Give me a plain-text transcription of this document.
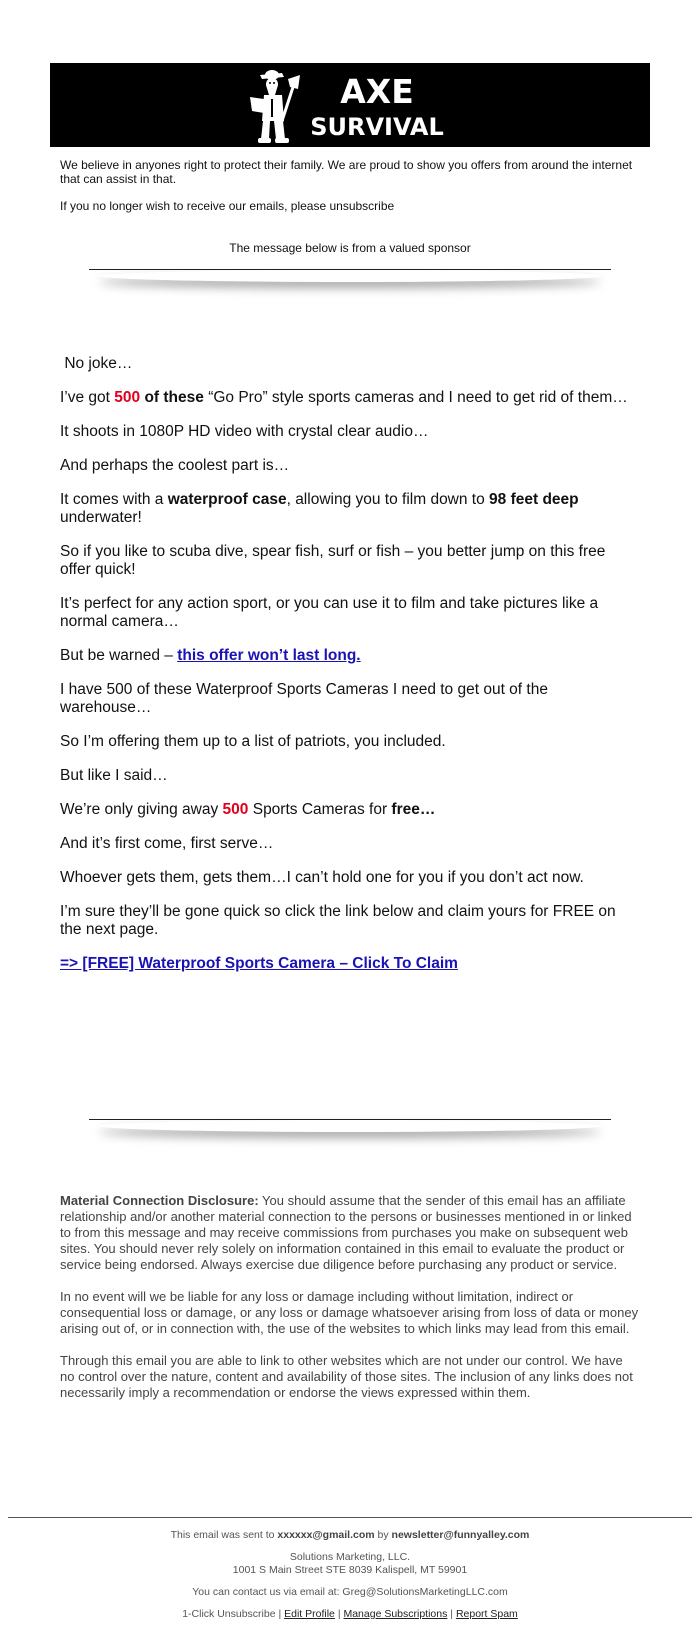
AXE
SURVIVAL

We believe in anyones right to protect their family. We are proud to show you offers from around the internet that can assist in that.

If you no longer wish to receive our emails, please unsubscribe

The message below is from a valued sponsor

No joke…

I’ve got 500 of these “Go Pro” style sports cameras and I need to get rid of them…

It shoots in 1080P HD video with crystal clear audio…

And perhaps the coolest part is…

It comes with a waterproof case, allowing you to film down to 98 feet deep underwater!

So if you like to scuba dive, spear fish, surf or fish – you better jump on this free offer quick!

It’s perfect for any action sport, or you can use it to film and take pictures like a normal camera…

But be warned – this offer won’t last long.

I have 500 of these Waterproof Sports Cameras I need to get out of the warehouse…

So I’m offering them up to a list of patriots, you included.

But like I said…

We’re only giving away 500 Sports Cameras for free…

And it’s first come, first serve…

Whoever gets them, gets them…I can’t hold one for you if you don’t act now.

I’m sure they’ll be gone quick so click the link below and claim yours for FREE on the next page.

=> [FREE] Waterproof Sports Camera – Click To Claim

Material Connection Disclosure: You should assume that the sender of this email has an affiliate relationship and/or another material connection to the persons or businesses mentioned in or linked to from this message and may receive commissions from purchases you make on subsequent web sites. You should never rely solely on information contained in this email to evaluate the product or service being endorsed. Always exercise due diligence before purchasing any product or service.

In no event will we be liable for any loss or damage including without limitation, indirect or consequential loss or damage, or any loss or damage whatsoever arising from loss of data or money arising out of, or in connection with, the use of the websites to which links may lead from this email.

Through this email you are able to link to other websites which are not under our control. We have no control over the nature, content and availability of those sites. The inclusion of any links does not necessarily imply a recommendation or endorse the views expressed within them.

This email was sent to xxxxxx@gmail.com by newsletter@funnyalley.com

Solutions Marketing, LLC.
1001 S Main Street STE 8039 Kalispell, MT 59901

You can contact us via email at: Greg@SolutionsMarketingLLC.com

1-Click Unsubscribe | Edit Profile | Manage Subscriptions | Report Spam
